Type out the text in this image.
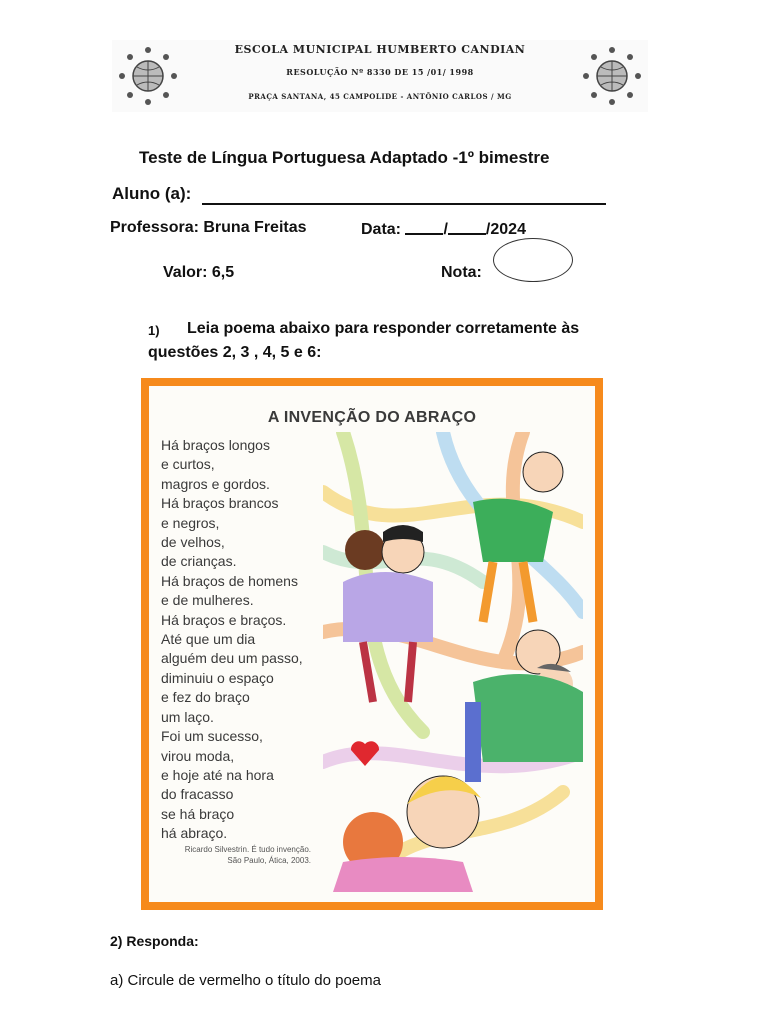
ESCOLA MUNICIPAL HUMBERTO CANDIAN
RESOLUÇÃO Nº 8330 DE 15 /01/ 1998
PRAÇA SANTANA, 45 CAMPOLIDE - ANTÔNIO CARLOS / MG
Teste de Língua Portuguesa Adaptado -1º bimestre
Aluno (a):
Professora: Bruna Freitas	Data:	/ /2024
Valor: 6,5	Nota:
1) Leia poema abaixo para responder corretamente às
questões 2, 3 , 4, 5 e 6:
A INVENÇÃO DO ABRAÇO
Há braços longos
e curtos,
magros e gordos.
Há braços brancos
e negros,
de velhos,
de crianças.
Há braços de homens
e de mulheres.
Há braços e braços.
Até que um dia
alguém deu um passo,
diminuiu o espaço
e fez do braço
um laço.
Foi um sucesso,
virou moda,
e hoje até na hora
do fracasso
se há braço
há abraço.
Ricardo Silvestrin. É tudo invenção.
São Paulo, Ática, 2003.
2) Responda:
a) Circule de vermelho o título do poema
